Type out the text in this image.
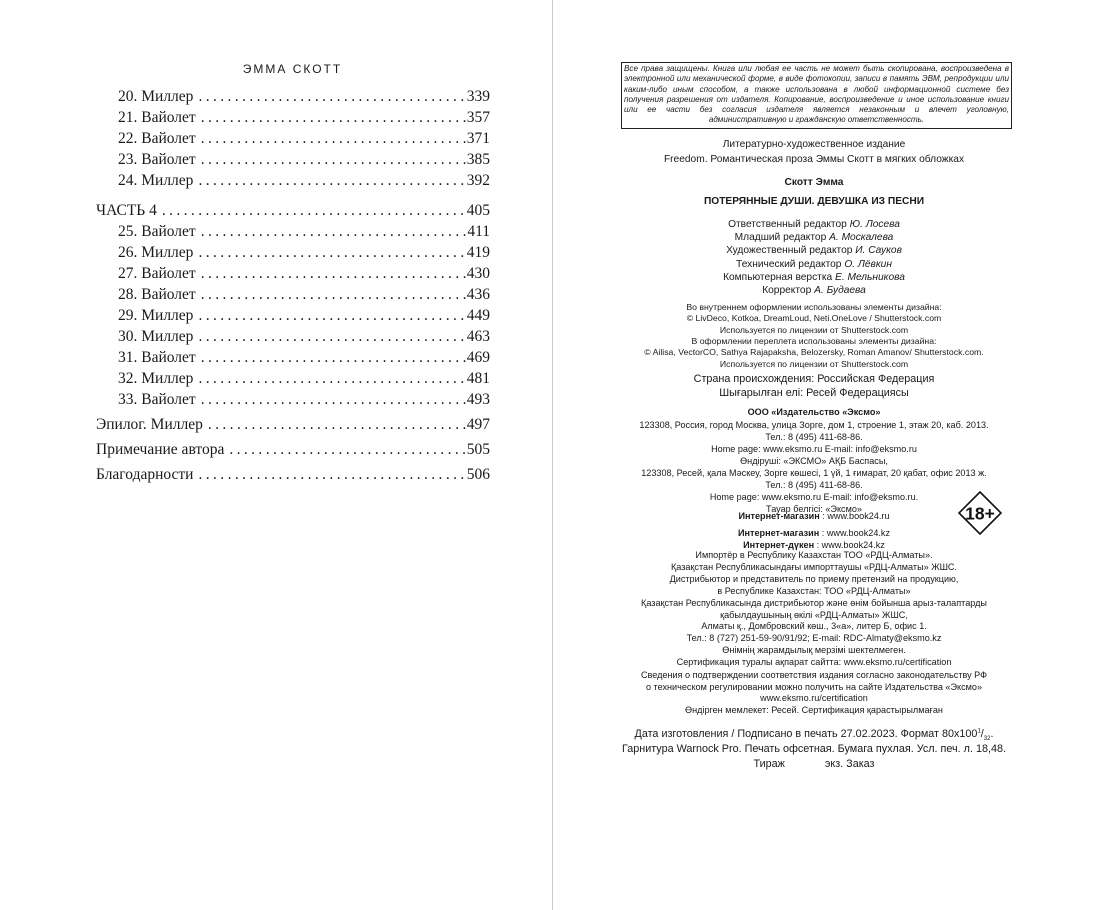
ЭММА СКОТТ
20. Миллер .....	339
21. Вайолет .....	357
22. Вайолет .....	371
23. Вайолет .....	385
24. Миллер .....	392
ЧАСТЬ 4 .....	405
25. Вайолет .....	411
26. Миллер .....	419
27. Вайолет .....	430
28. Вайолет .....	436
29. Миллер .....	449
30. Миллер .....	463
31. Вайолет .....	469
32. Миллер .....	481
33. Вайолет .....	493
Эпилог. Миллер .....	497
Примечание автора .....	505
Благодарности .....	506

Все права защищены. Книга или любая ее часть не может быть скопирована, воспроизведена в электронной или механической форме, в виде фотокопии, записи в память ЭВМ, репродукции или каким-либо иным способом, а также использована в любой информационной системе без получения разрешения от издателя. Копирование, воспроизведение и иное использование книги или ее части без согласия издателя является незаконным и влечет уголовную, административную и гражданскую ответственность.

Литературно-художественное издание
Freedom. Романтическая проза Эммы Скотт в мягких обложках
Скотт Эмма
ПОТЕРЯННЫЕ ДУШИ. ДЕВУШКА ИЗ ПЕСНИ
Ответственный редактор Ю. Лосева
Младший редактор А. Москалева
Художественный редактор И. Сауков
Технический редактор О. Лёвкин
Компьютерная верстка Е. Мельникова
Корректор А. Будаева
Во внутреннем оформлении использованы элементы дизайна:
© LivDeco, Kotkoa, DreamLoud, Neti.OneLove / Shutterstock.com
Используется по лицензии от Shutterstock.com
В оформлении переплета использованы элементы дизайна:
© Ailisa, VectorCO, Sathya Rajapaksha, Belozersky, Roman Amanov/ Shutterstock.com.
Используется по лицензии от Shutterstock.com
Страна происхождения: Российская Федерация
Шығарылған елі: Ресей Федерациясы
ООО «Издательство «Эксмо»
123308, Россия, город Москва, улица Зорге, дом 1, строение 1, этаж 20, каб. 2013.
Тел.: 8 (495) 411-68-86.
Home page: www.eksmo.ru E-mail: info@eksmo.ru
Өндіруші: «ЭКСМО» АҚБ Баспасы,
123308, Ресей, қала Мәскеу, Зорге көшесі, 1 үй, 1 ғимарат, 20 қабат, офис 2013 ж.
Тел.: 8 (495) 411-68-86.
Home page: www.eksmo.ru E-mail: info@eksmo.ru.
Тауар белгісі: «Эксмо»
Интернет-магазин : www.book24.ru
Интернет-магазин : www.book24.kz
Интернет-дүкен : www.book24.kz
18+
Импортёр в Республику Казахстан ТОО «РДЦ-Алматы».
Қазақстан Республикасындағы импорттаушы «РДЦ-Алматы» ЖШС.
Дистрибьютор и представитель по приему претензий на продукцию,
в Республике Казахстан: ТОО «РДЦ-Алматы»
Қазақстан Республикасында дистрибьютор және өнім бойынша арыз-талаптарды
қабылдаушының өкілі «РДЦ-Алматы» ЖШС,
Алматы қ., Домбровский көш., 3«а», литер Б, офис 1.
Тел.: 8 (727) 251-59-90/91/92; E-mail: RDC-Almaty@eksmo.kz
Өнімнің жарамдылық мерзімі шектелмеген.
Сертификация туралы ақпарат сайтта: www.eksmo.ru/certification
Сведения о подтверждении соответствия издания согласно законодательству РФ
о техническом регулировании можно получить на сайте Издательства «Эксмо»
www.eksmo.ru/certification
Өндірген мемлекет: Ресей. Сертификация қарастырылмаған
Дата изготовления / Подписано в печать 27.02.2023. Формат $80x100^1/_{32}$.
Гарнитура Warnock Pro. Печать офсетная. Бумага пухлая. Усл. печ. л. 18,48.
Тираж	экз. Заказ
